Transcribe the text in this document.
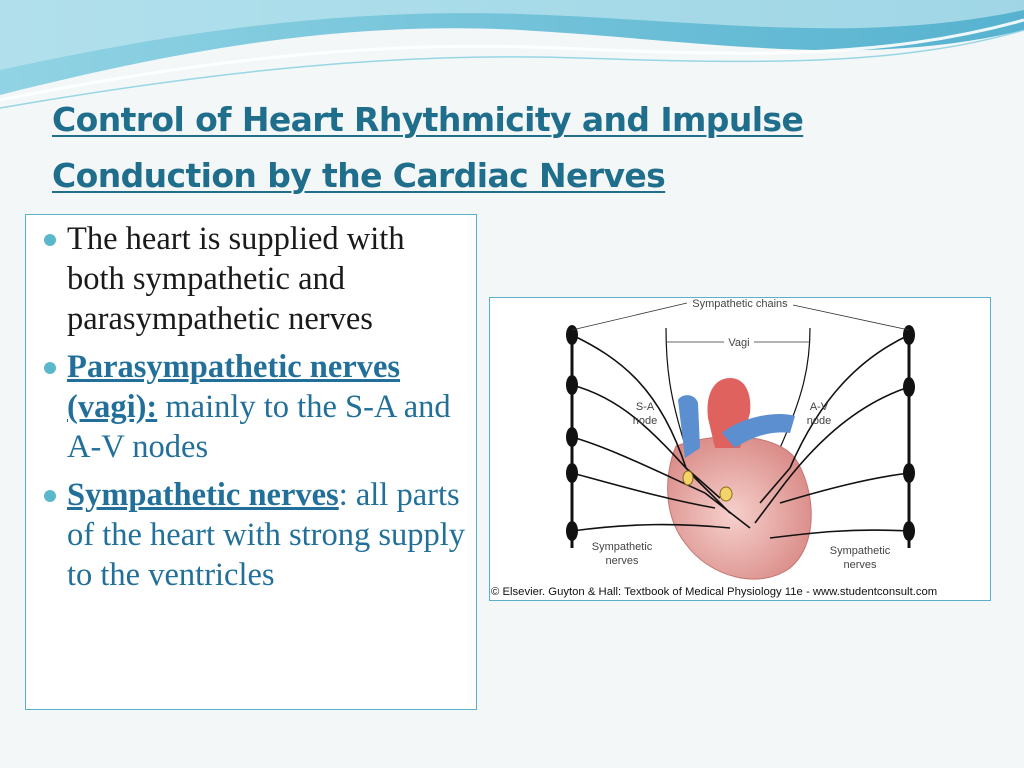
Control of Heart Rhythmicity and Impulse
Conduction by the Cardiac Nerves
The heart is supplied with both sympathetic and parasympathetic nerves
Parasympathetic nerves (vagi): mainly to the S-A and A-V nodes
Sympathetic nerves: all parts of the heart with strong supply to the ventricles
Sympathetic chains
Vagi
S-A
node
A-V
node
Sympathetic
nerves
Sympathetic
nerves
© Elsevier. Guyton & Hall: Textbook of Medical Physiology 11e - www.studentconsult.com
